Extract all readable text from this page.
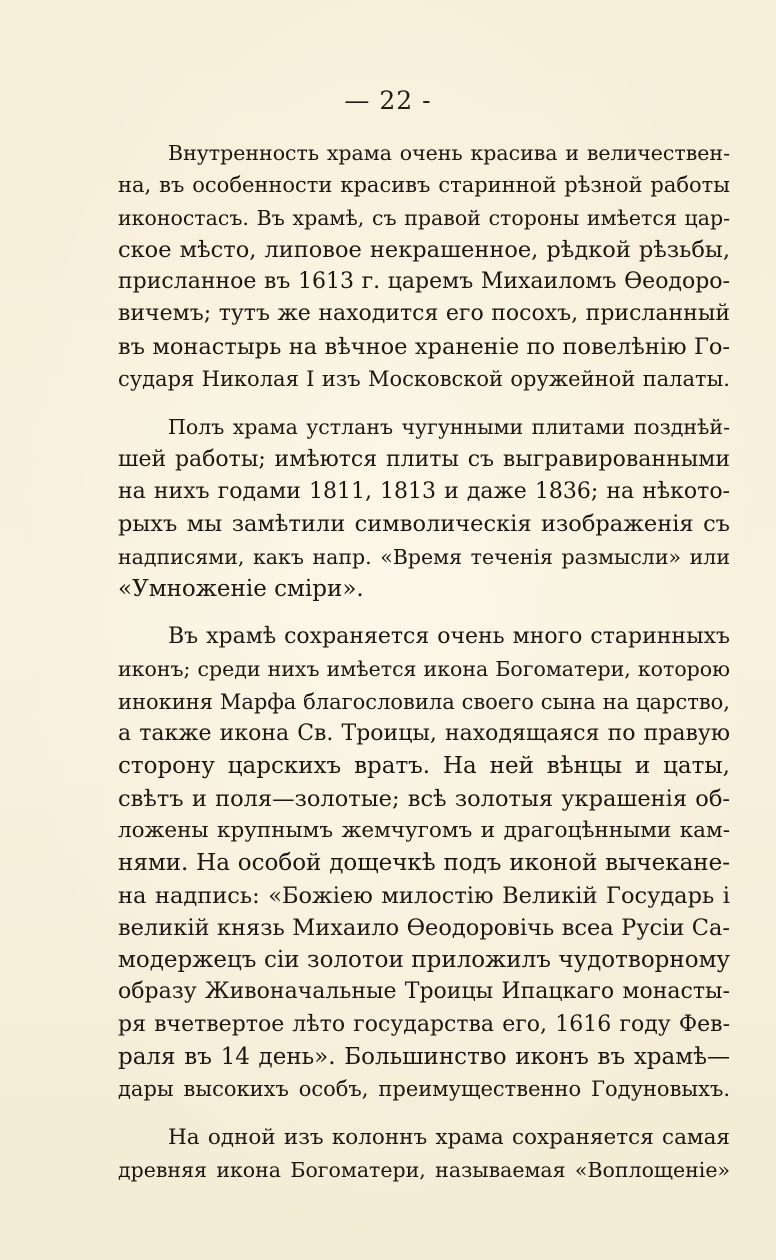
— 22 -
Внутренность храма очень красива и величествен-
на, въ особенности красивъ старинной рѣзной работы
иконостасъ. Въ храмѣ, съ правой стороны имѣется цар-
ское мѣсто, липовое некрашенное, рѣдкой рѣзьбы,
присланное въ 1613 г. царемъ Михаиломъ Ѳеодоро-
вичемъ; тутъ же находится его посохъ, присланный
въ монастырь на вѣчное храненіе по повелѣнію Го-
сударя Николая I изъ Московской оружейной палаты.
Полъ храма устланъ чугунными плитами позднѣй-
шей работы; имѣются плиты съ выгравированными
на нихъ годами 1811, 1813 и даже 1836; на нѣкото-
рыхъ мы замѣтили символическія изображенія съ
надписями, какъ напр. «Время теченія размысли» или
«Умноженіе сміри».
Въ храмѣ сохраняется очень много старинныхъ
иконъ; среди нихъ имѣется икона Богоматери, которою
инокиня Марфа благословила своего сына на царство,
а также икона Св. Троицы, находящаяся по правую
сторону царскихъ вратъ. На ней вѣнцы и цаты,
свѣтъ и поля—золотые; всѣ золотыя украшенія об-
ложены крупнымъ жемчугомъ и драгоцѣнными кам-
нями. На особой дощечкѣ подъ иконой вычекане-
на надпись: «Божіею милостію Великій Государь і
великій князь Михаило Ѳеодоровічь всеа Русіи Са-
модержецъ сіи золотои приложилъ чудотворному
образу Живоначальные Троицы Ипацкаго монасты-
ря вчетвертое лѣто государства его, 1616 году Фев-
раля въ 14 день». Большинство иконъ въ храмѣ—
дары высокихъ особъ, преимущественно Годуновыхъ.
На одной изъ колоннъ храма сохраняется самая
древняя икона Богоматери, называемая «Воплощеніе»
